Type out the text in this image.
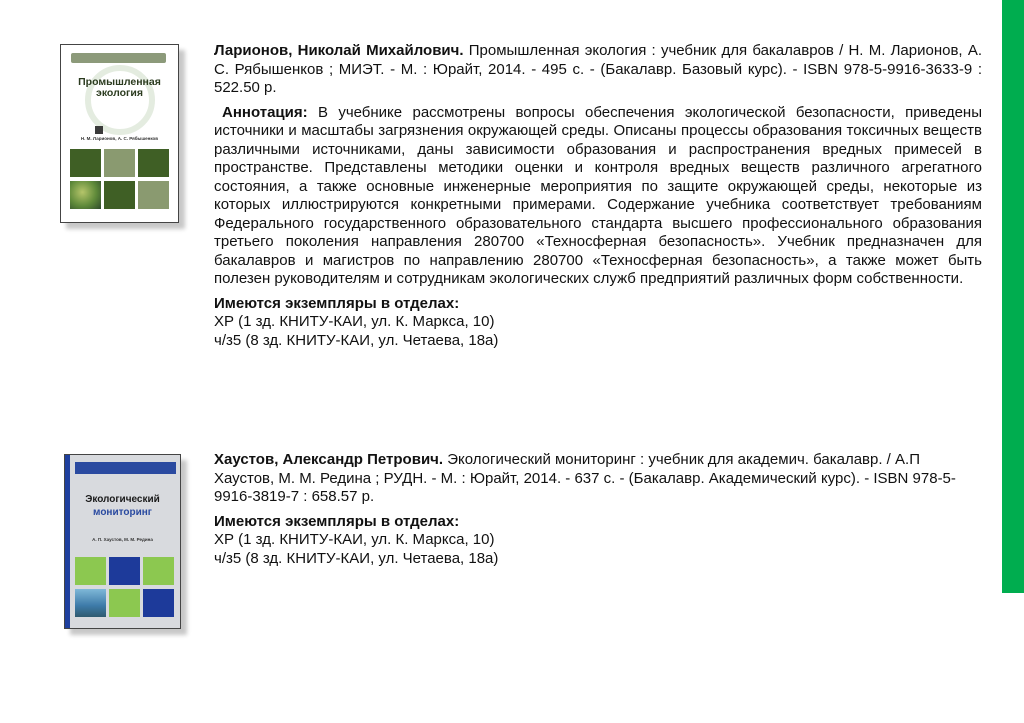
Промышленная
экология
Н. М. Ларионов, А. С. Рябышенков
Экологический
мониторинг
А. П. Хаустов, М. М. Редина

Ларионов, Николай Михайлович. Промышленная экология : учебник для бакалавров / Н. М. Ларионов, А. С. Рябышенков ; МИЭТ. - М. : Юрайт, 2014. - 495 с. - (Бакалавр. Базовый курс). - ISBN 978-5-9916-3633-9 : 522.50 р.

Аннотация: В учебнике рассмотрены вопросы обеспечения экологической безопасности, приведены источники и масштабы загрязнения окружающей среды. Описаны процессы образования токсичных веществ различными источниками, даны зависимости образования и распространения вредных примесей в пространстве. Представлены методики оценки и контроля вредных веществ различного агрегатного состояния, а также основные инженерные мероприятия по защите окружающей среды, некоторые из которых иллюстрируются конкретными примерами. Содержание учебника соответствует требованиям Федерального государственного образовательного стандарта высшего профессионального образования третьего поколения направления 280700 «Техносферная безопасность». Учебник предназначен для бакалавров и магистров по направлению 280700 «Техносферная безопасность», а также может быть полезен руководителям и сотрудникам экологических служб предприятий различных форм собственности.

Имеются экземпляры в отделах:

ХР (1 зд. КНИТУ-КАИ, ул. К. Маркса, 10)

ч/з5 (8 зд. КНИТУ-КАИ, ул. Четаева, 18а)

Хаустов, Александр Петрович. Экологический мониторинг : учебник для академич. бакалавр. / А.П Хаустов, М. М. Редина ; РУДН. - М. : Юрайт, 2014. - 637 с. - (Бакалавр. Академический курс). - ISBN 978-5-9916-3819-7 : 658.57 р.

Имеются экземпляры в отделах:

ХР (1 зд. КНИТУ-КАИ, ул. К. Маркса, 10)

ч/з5 (8 зд. КНИТУ-КАИ, ул. Четаева, 18а)
